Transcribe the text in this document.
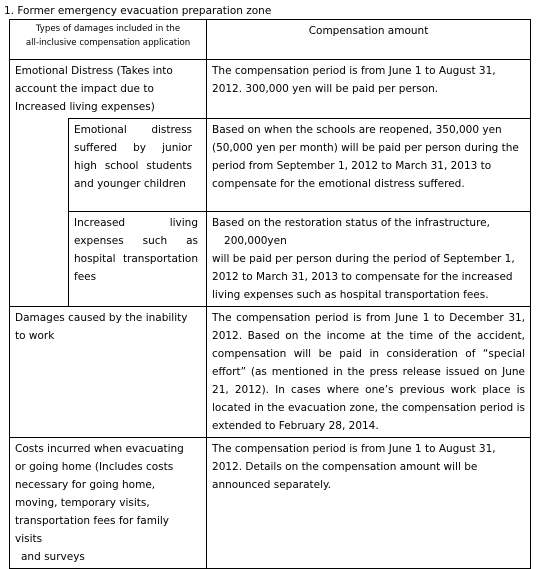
1. Former emergency evacuation preparation zone
Types of damages included in the
all-inclusive compensation application		Compensation amount
Emotional Distress (Takes into account the impact due to Increased living expenses)		The compensation period is from June 1 to August 31, 2012. 300,000 yen will be paid per person.
	Emotional distress suffered by junior high school students and younger children	Based on when the schools are reopened, 350,000 yen (50,000 yen per month) will be paid per person during the period from September 1, 2012 to March 31, 2013 to compensate for the emotional distress suffered.
	Increased living expenses such as hospital transportation fees	Based on the restoration status of the infrastructure,
200,000yen
will be paid per person during the period of September 1, 2012 to March 31, 2013 to compensate for the increased living expenses such as hospital transportation fees.
Damages caused by the inability to work		The compensation period is from June 1 to December 31, 2012. Based on the income at the time of the accident, compensation will be paid in consideration of “special effort” (as mentioned in the press release issued on June 21, 2012). In cases where one’s previous work place is located in the evacuation zone, the compensation period is extended to February 28, 2014.
Costs incurred when evacuating or going home (Includes costs necessary for going home, moving, temporary visits,
transportation fees for family visits
and surveys		The compensation period is from June 1 to August 31, 2012. Details on the compensation amount will be announced separately.
